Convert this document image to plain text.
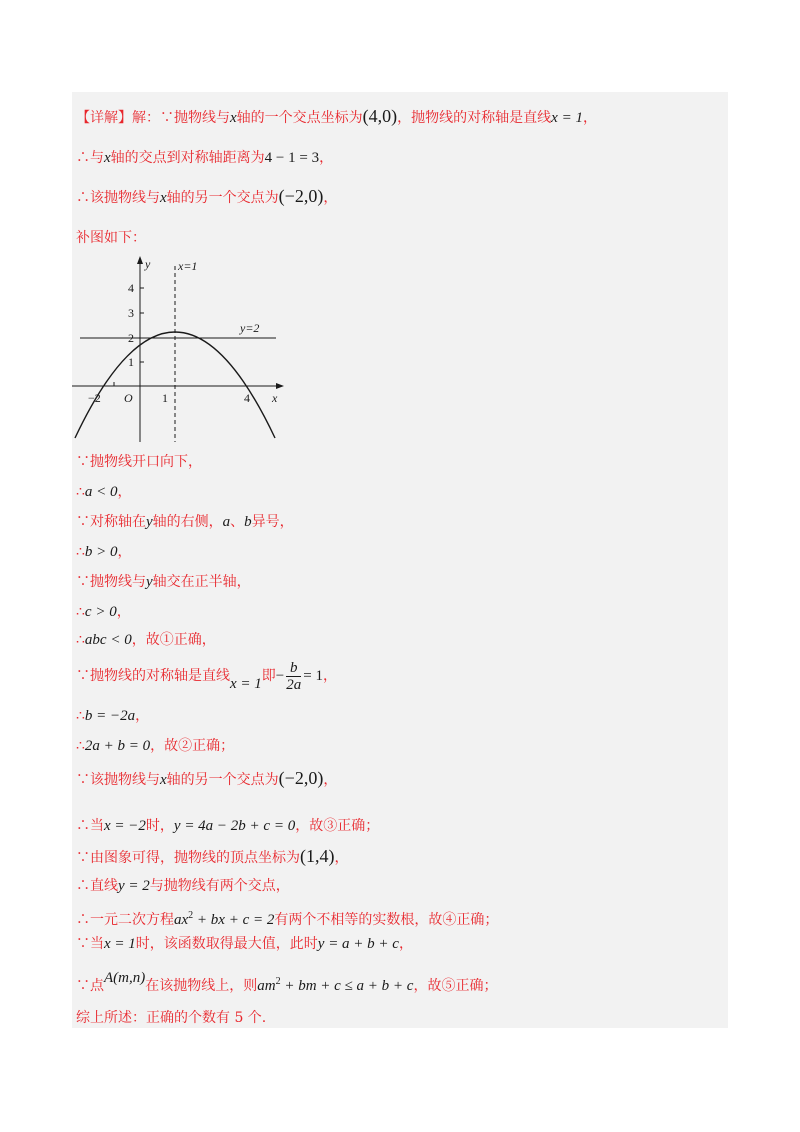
【详解】解：∵抛物线与x轴的一个交点坐标为(4,0)，抛物线的对称轴是直线x = 1，
∴与x轴的交点到对称轴距离为4 − 1 = 3，
∴该抛物线与x轴的另一个交点为(−2,0)，
补图如下：
y
x
x=1
y=2
O
−2	1	4
4
3
2
1
∵抛物线开口向下，
∴a < 0，
∵对称轴在y轴的右侧，a、b异号，
∴b > 0，
∵抛物线与y轴交在正半轴，
∴c > 0，
∴abc < 0，故①正确，
∵抛物线的对称轴是直线x = 1即− $\frac{b}{2a} = 1$，
∴b = −2a，
∴2a + b = 0，故②正确；
∵该抛物线与x轴的另一个交点为(−2,0)，
∴当x = −2时，y = 4a − 2b + c = 0，故③正确；
∵由图象可得，抛物线的顶点坐标为(1,4)，
∴直线y = 2与抛物线有两个交点，
∴一元二次方程$ax^2$ + bx + c = 2有两个不相等的实数根，故④正确；
∵当x = 1时，该函数取得最大值，此时y = a + b + c，
∵点A(m,n)在该抛物线上，则$am^2$ + bm + c ≤ a + b + c，故⑤正确；
综上所述：正确的个数有 5 个.
